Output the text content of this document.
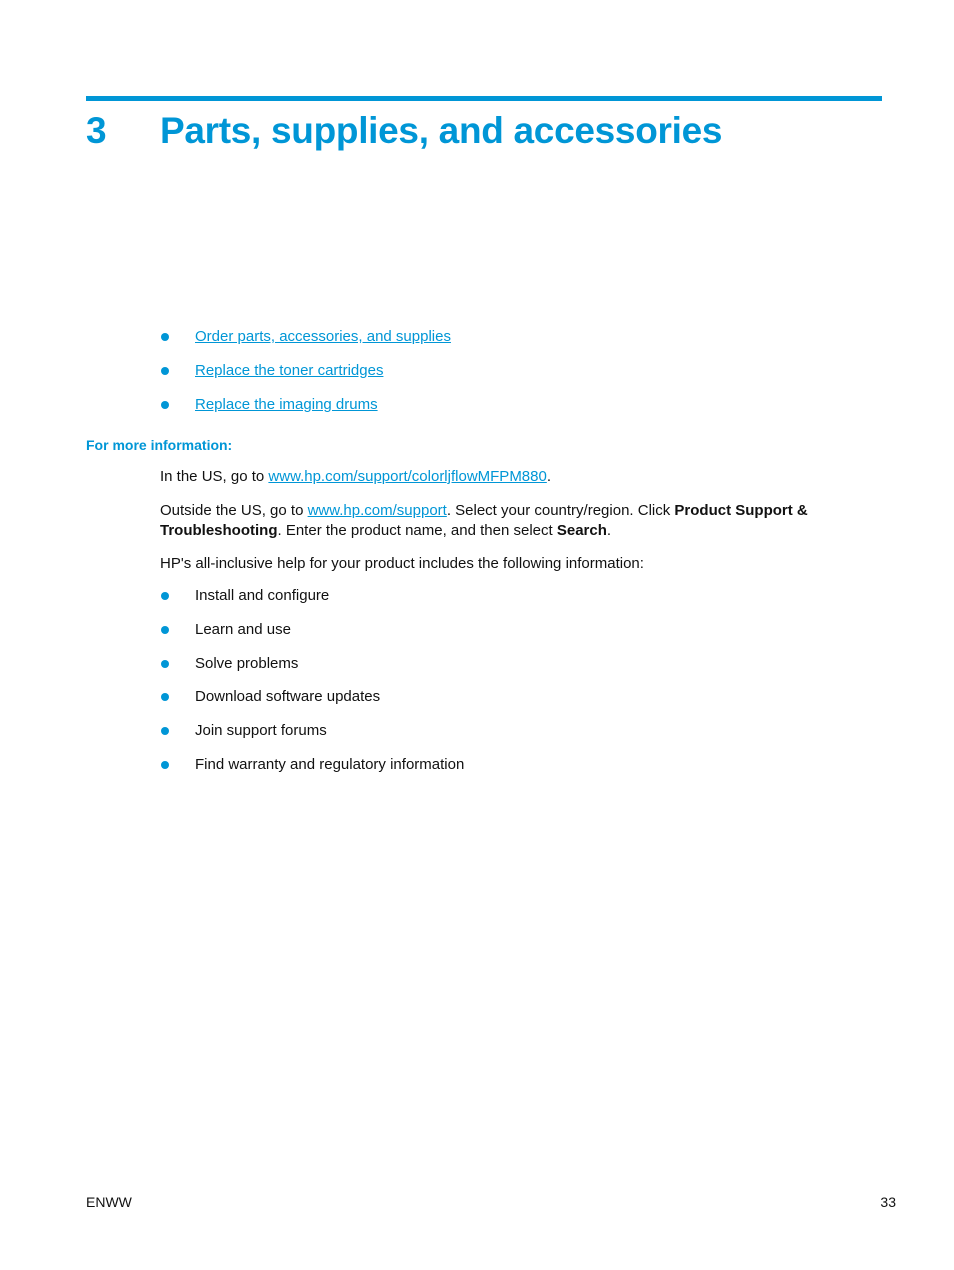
3 Parts, supplies, and accessories
Order parts, accessories, and supplies
Replace the toner cartridges
Replace the imaging drums
For more information:
In the US, go to www.hp.com/support/colorljflowMFPM880.
Outside the US, go to www.hp.com/support. Select your country/region. Click Product Support & Troubleshooting. Enter the product name, and then select Search.
HP's all-inclusive help for your product includes the following information:
Install and configure
Learn and use
Solve problems
Download software updates
Join support forums
Find warranty and regulatory information
ENWW	33
